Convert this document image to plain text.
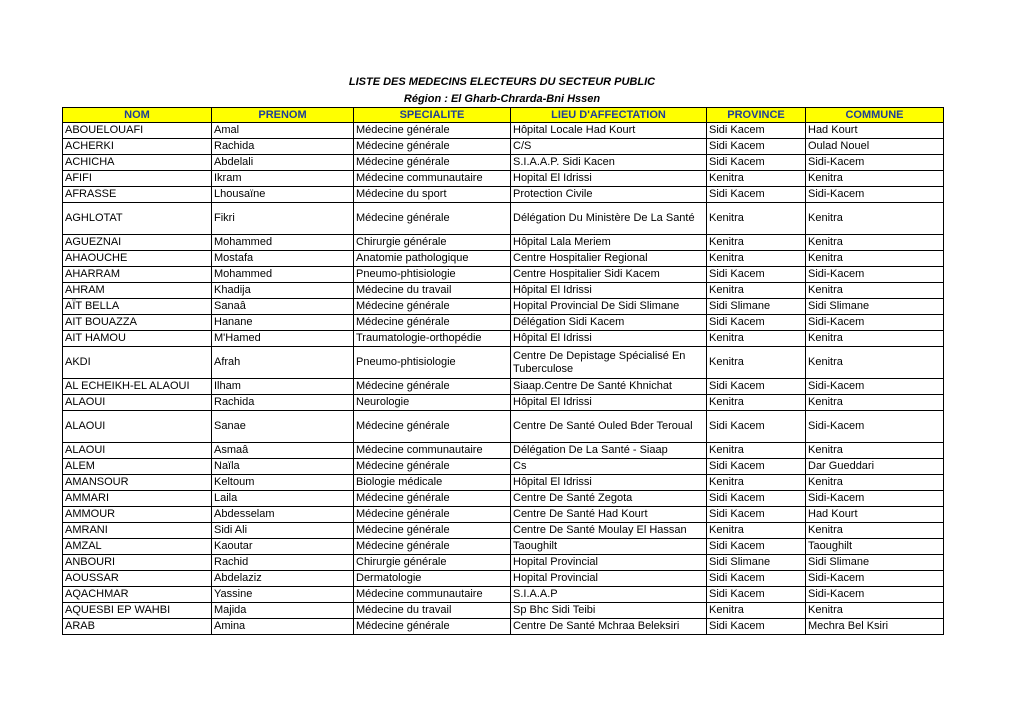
LISTE DES MEDECINS ELECTEURS DU SECTEUR PUBLIC
Région : El Gharb-Chrarda-Bni Hssen
NOM	PRENOM	SPECIALITE	LIEU D'AFFECTATION	PROVINCE	COMMUNE
ABOUELOUAFI	Amal	Médecine générale	Hôpital Locale Had Kourt	Sidi Kacem	Had Kourt
ACHERKI	Rachida	Médecine générale	C/S	Sidi Kacem	Oulad Nouel
ACHICHA	Abdelali	Médecine générale	S.I.A.A.P. Sidi Kacen	Sidi Kacem	Sidi-Kacem
AFIFI	Ikram	Médecine communautaire	Hopital El Idrissi	Kenitra	Kenitra
AFRASSE	Lhousaïne	Médecine du sport	Protection Civile	Sidi Kacem	Sidi-Kacem
AGHLOTAT	Fikri	Médecine générale	Délégation Du Ministère De La Santé	Kenitra	Kenitra
AGUEZNAI	Mohammed	Chirurgie générale	Hôpital Lala Meriem	Kenitra	Kenitra
AHAOUCHE	Mostafa	Anatomie pathologique	Centre Hospitalier Regional	Kenitra	Kenitra
AHARRAM	Mohammed	Pneumo-phtisiologie	Centre Hospitalier Sidi Kacem	Sidi Kacem	Sidi-Kacem
AHRAM	Khadija	Médecine du travail	Hôpital El Idrissi	Kenitra	Kenitra
AÏT BELLA	Sanaâ	Médecine générale	Hopital Provincial De Sidi Slimane	Sidi Slimane	Sidi Slimane
AIT BOUAZZA	Hanane	Médecine générale	Délégation Sidi Kacem	Sidi Kacem	Sidi-Kacem
AIT HAMOU	M'Hamed	Traumatologie-orthopédie	Hôpital El Idrissi	Kenitra	Kenitra
AKDI	Afrah	Pneumo-phtisiologie	Centre De Depistage Spécialisé En Tuberculose	Kenitra	Kenitra
AL ECHEIKH-EL ALAOUI	Ilham	Médecine générale	Siaap.Centre De Santé Khnichat	Sidi Kacem	Sidi-Kacem
ALAOUI	Rachida	Neurologie	Hôpital El Idrissi	Kenitra	Kenitra
ALAOUI	Sanae	Médecine générale	Centre De Santé Ouled Bder Teroual	Sidi Kacem	Sidi-Kacem
ALAOUI	Asmaâ	Médecine communautaire	Délégation De La Santé - Siaap	Kenitra	Kenitra
ALEM	Naïla	Médecine générale	Cs	Sidi Kacem	Dar Gueddari
AMANSOUR	Keltoum	Biologie médicale	Hôpital El Idrissi	Kenitra	Kenitra
AMMARI	Laila	Médecine générale	Centre De Santé Zegota	Sidi Kacem	Sidi-Kacem
AMMOUR	Abdesselam	Médecine générale	Centre De Santé Had Kourt	Sidi Kacem	Had Kourt
AMRANI	Sidi Ali	Médecine générale	Centre De Santé Moulay El Hassan	Kenitra	Kenitra
AMZAL	Kaoutar	Médecine générale	Taoughilt	Sidi Kacem	Taoughilt
ANBOURI	Rachid	Chirurgie générale	Hopital Provincial	Sidi Slimane	Sidi Slimane
AOUSSAR	Abdelaziz	Dermatologie	Hopital Provincial	Sidi Kacem	Sidi-Kacem
AQACHMAR	Yassine	Médecine communautaire	S.I.A.A.P	Sidi Kacem	Sidi-Kacem
AQUESBI EP WAHBI	Majida	Médecine du travail	Sp Bhc Sidi Teibi	Kenitra	Kenitra
ARAB	Amina	Médecine générale	Centre De Santé Mchraa Beleksiri	Sidi Kacem	Mechra Bel Ksiri
